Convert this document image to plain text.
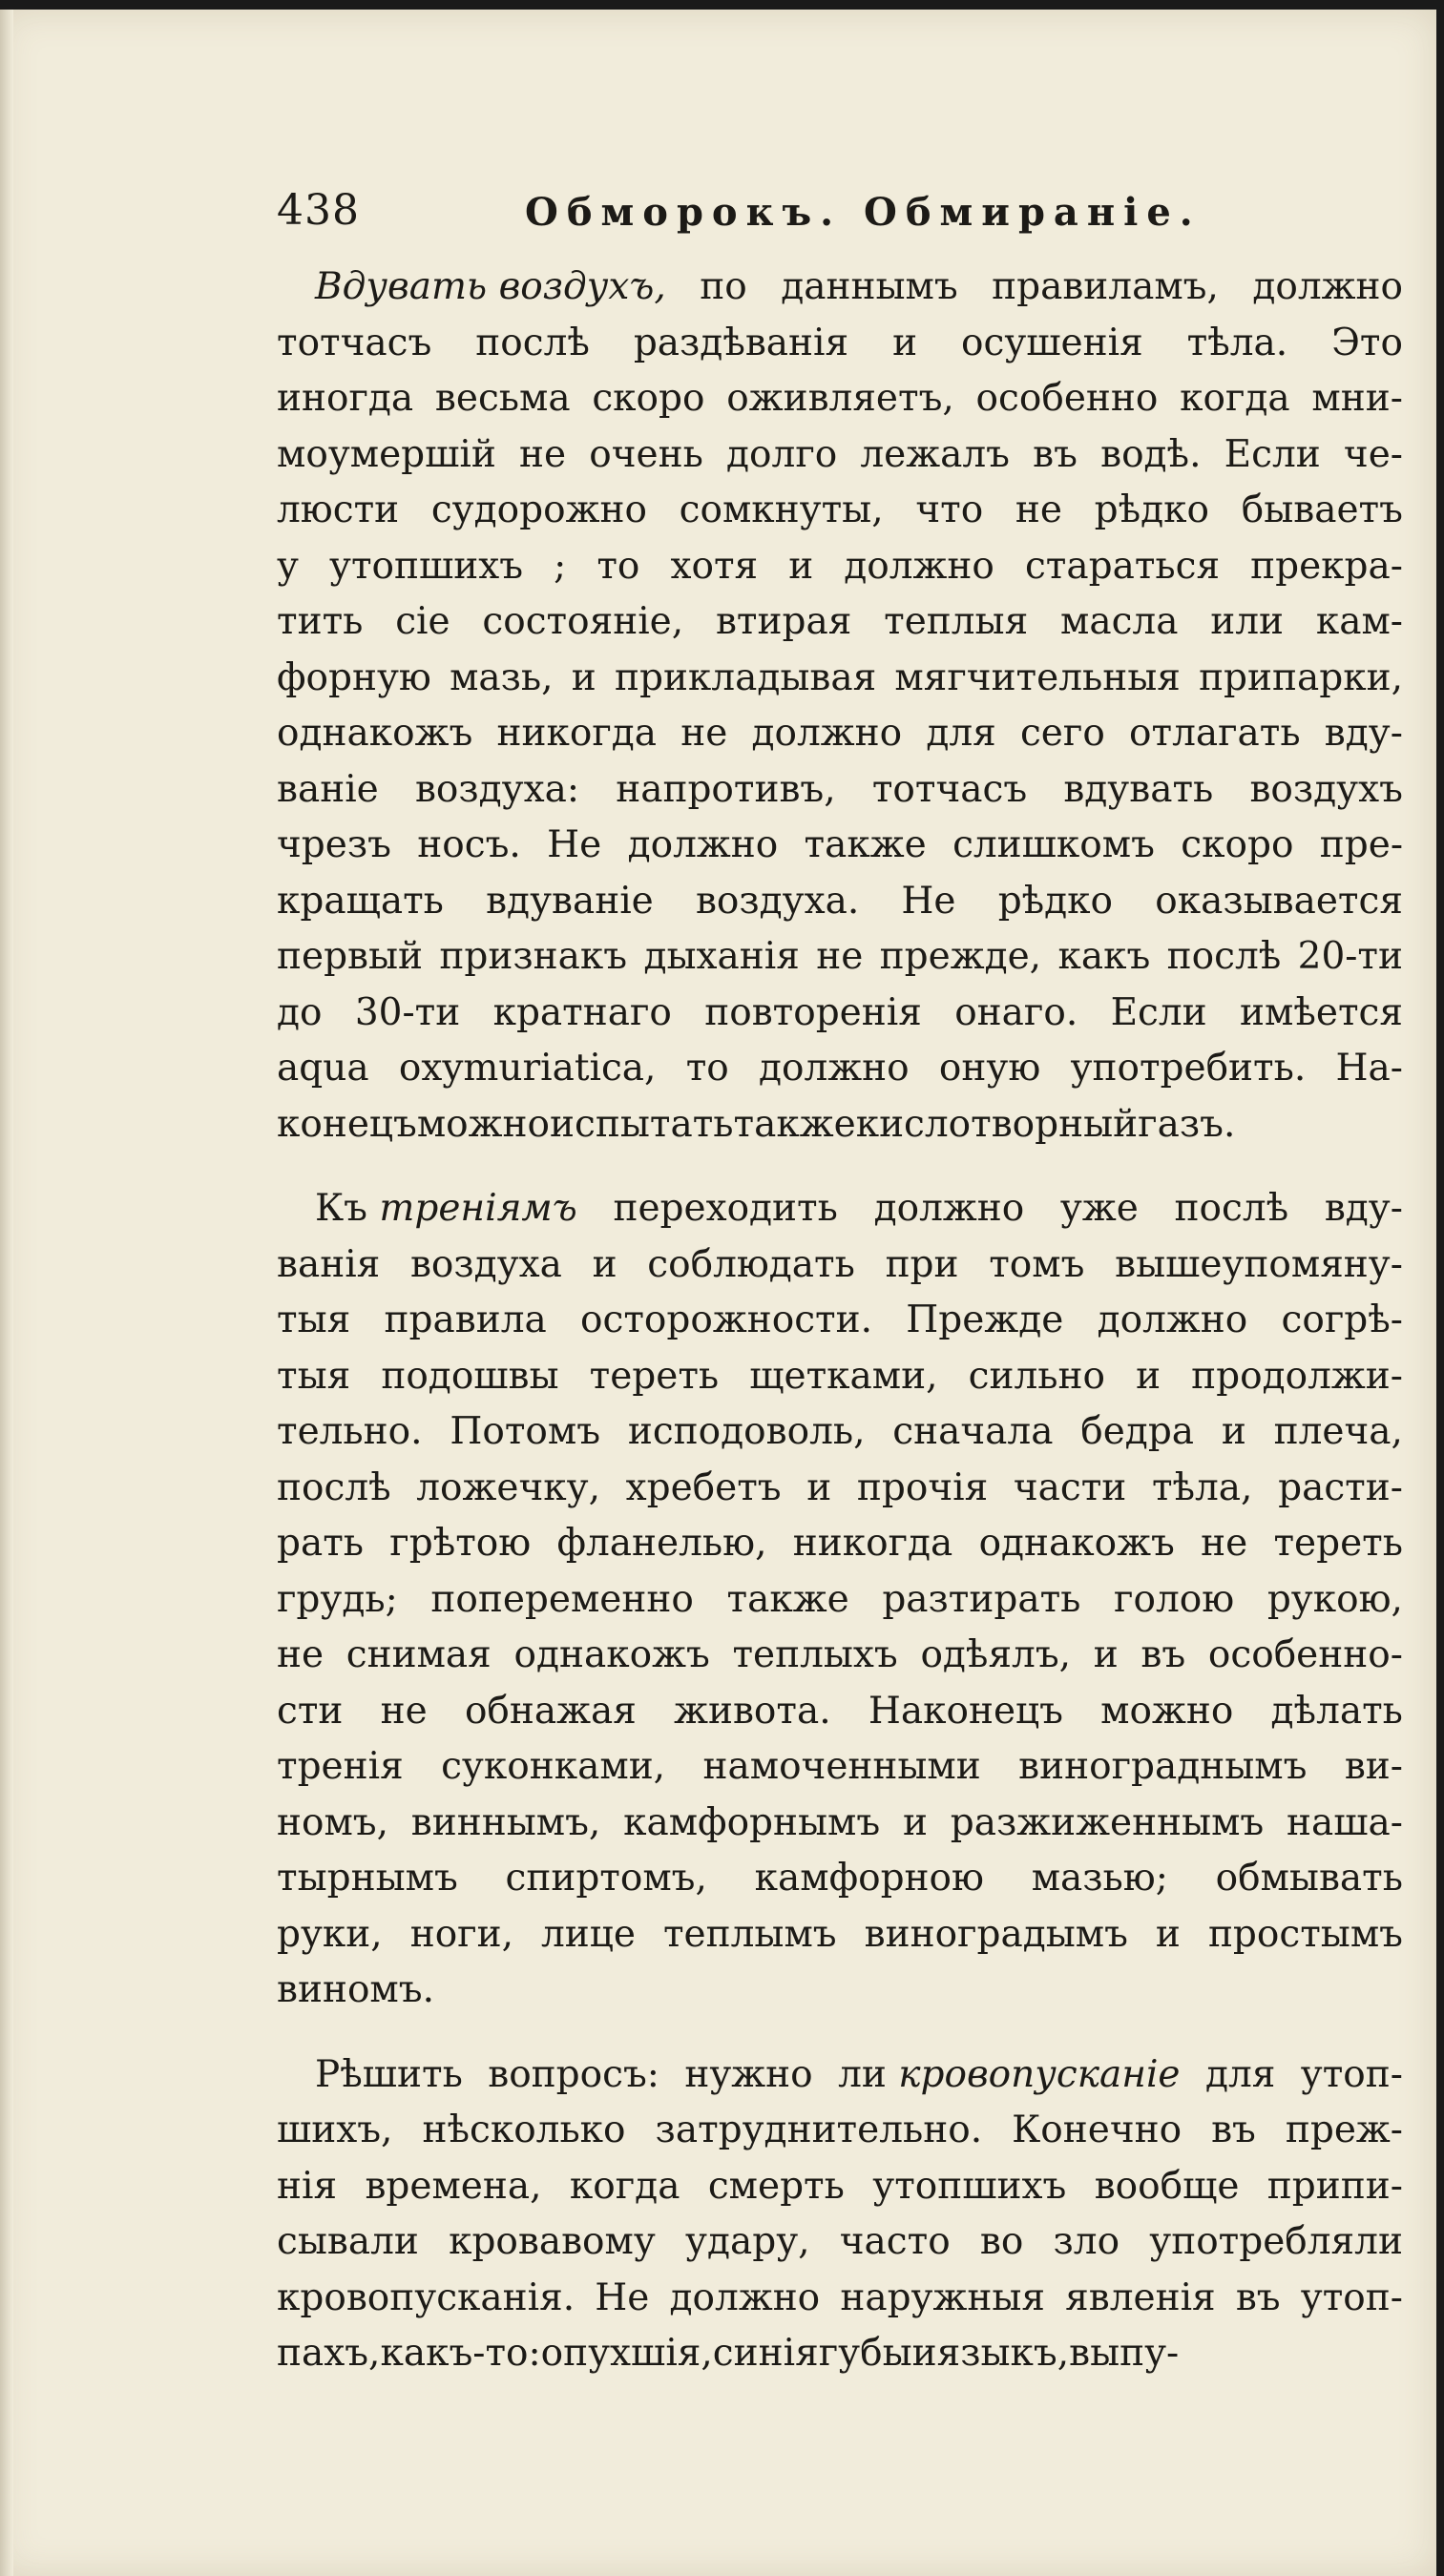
438	Обморокъ. Обмиранiе.
Вдувать воздухъ, по даннымъ правиламъ, должно
тотчасъ послѣ раздѣванiя и осушенiя тѣла. Это
иногда весьма скоро оживляетъ, особенно когда мни-
моумершiй не очень долго лежалъ въ водѣ. Если че-
люсти судорожно сомкнуты, что не рѣдко бываетъ
у утопшихъ ; то хотя и должно стараться прекра-
тить сiе состоянiе, втирая теплыя масла или кам-
форную мазь, и прикладывая мягчительныя припарки,
однакожъ никогда не должно для сего отлагать вду-
ванiе воздуха: напротивъ, тотчасъ вдувать воздухъ
чрезъ носъ. Не должно также слишкомъ скоро пре-
кращать вдуванiе воздуха. Не рѣдко оказывается
первый признакъ дыханiя не прежде, какъ послѣ 20-ти
до 30-ти кратнаго повторенiя онаго. Если имѣется
aqua oxymuriatica, то должно оную употребить. На-
конецъ можно испытать также кислотворный газъ.
Къ треніямъ переходить должно уже послѣ вду-
ванiя воздуха и соблюдать при томъ вышеупомяну-
тыя правила осторожности. Прежде должно согрѣ-
тыя подошвы тереть щетками, сильно и продолжи-
тельно. Потомъ исподоволь, сначала бедра и плеча,
послѣ ложечку, хребетъ и прочiя части тѣла, расти-
рать грѣтою фланелью, никогда однакожъ не тереть
грудь; попеременно также разтирать голою рукою,
не снимая однакожъ теплыхъ одѣялъ, и въ особенно-
сти не обнажая живота. Наконецъ можно дѣлать
тренiя суконками, намоченными винограднымъ ви-
номъ, виннымъ, камфорнымъ и разжиженнымъ наша-
тырнымъ спиртомъ, камфорною мазью; обмывать
руки, ноги, лице теплымъ виноградымъ и простымъ
виномъ.
Рѣшить вопросъ: нужно ли кровопусканiе для утоп-
шихъ, нѣсколько затруднительно. Конечно въ преж-
нiя времена, когда смерть утопшихъ вообще припи-
сывали кровавому удару, часто во зло употребляли
кровопусканiя. Не должно наружныя явленiя въ утоп-
пахъ, какъ-то: опухшiя, синiя губы и языкъ, выпу-
